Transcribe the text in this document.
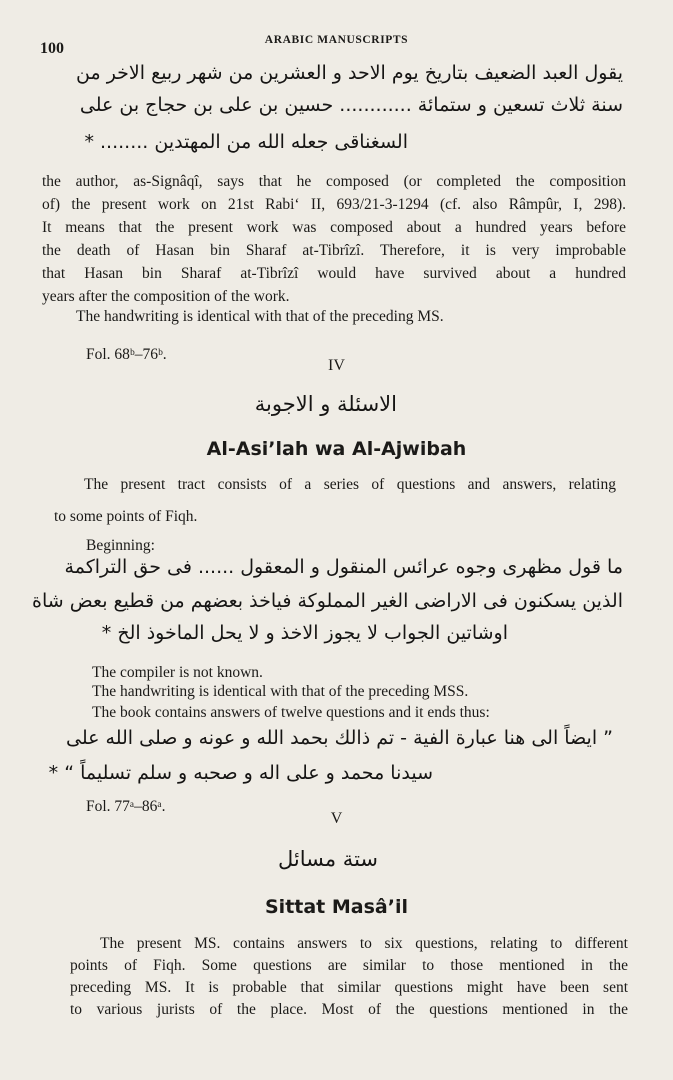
100	ARABIC MANUSCRIPTS
يقول العبد الضعيف بتاريخ يوم الاحد و العشرين من شهر ربيع الاخر من
سنة ثلاث تسعين و ستمائة ............ حسين بن على بن حجاج بن على
السغناقى جعله الله من المهتدين ........ *
the author, as-Signâqî, says that he composed (or completed the composition
of) the present work on 21st Rabi‘ II, 693/21-3-1294 (cf. also Râmpûr, I, 298).
It means that the present work was composed about a hundred years before
the death of Hasan bin Sharaf at-Tibrîzî. Therefore, it is very improbable
that Hasan bin Sharaf at-Tibrîzî would have survived about a hundred
years after the composition of the work.
The handwriting is identical with that of the preceding MS.
Fol. 68ᵇ–76ᵇ.
IV
الاسئلة و الاجوبة
Al-Asi’lah wa Al-Ajwibah
The present tract consists of a series of questions and answers, relating
to some points of Fiqh.
Beginning:
ما قول مظهرى وجوه عرائس المنقول و المعقول ...... فى حق التراكمة
الذين يسكنون فى الاراضى الغير المملوكة فياخذ بعضهم من قطيع بعض شاة
اوشاتين الجواب لا يجوز الاخذ و لا يحل الماخوذ الخ *
The compiler is not known.
The handwriting is identical with that of the preceding MSS.
The book contains answers of twelve questions and it ends thus:
” ايضاً الى هنا عبارة الفية - تم ذالك بحمد الله و عونه و صلى الله على
سيدنا محمد و على اله و صحبه و سلم تسليماً “ *
Fol. 77ᵃ–86ᵃ.
V
ستة مسائل
Sittat Masâ’il
The present MS. contains answers to six questions, relating to different
points of Fiqh. Some questions are similar to those mentioned in the
preceding MS. It is probable that similar questions might have been sent
to various jurists of the place. Most of the questions mentioned in the
